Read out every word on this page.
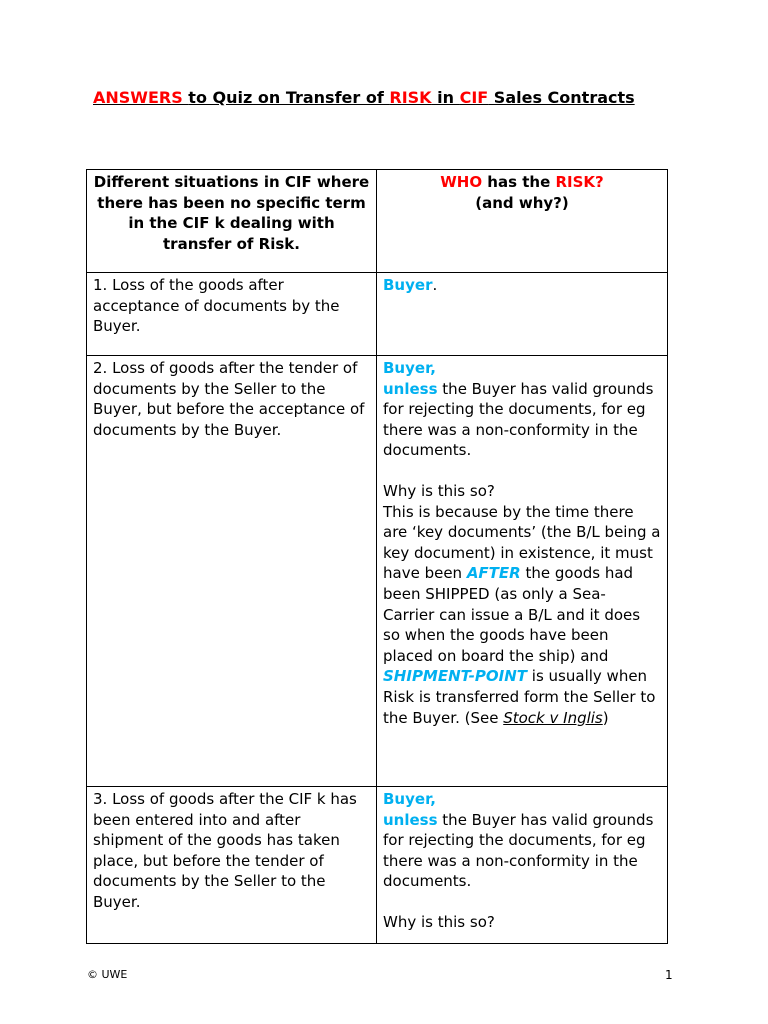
ANSWERS to Quiz on Transfer of RISK in CIF Sales Contracts
Different situations in CIF where there has been no specific term in the CIF k dealing with transfer of Risk.	WHO has the RISK?
(and why?)
1. Loss of the goods after acceptance of documents by the Buyer.	Buyer.
2. Loss of goods after the tender of documents by the Seller to the Buyer, but before the acceptance of documents by the Buyer.	Buyer,
unless the Buyer has valid grounds for rejecting the documents, for eg there was a non-conformity in the documents.
Why is this so?
This is because by the time there are ‘key documents’ (the B/L being a key document) in existence, it must have been AFTER the goods had been SHIPPED (as only a Sea- Carrier can issue a B/L and it does so when the goods have been placed on board the ship) and SHIPMENT-POINT is usually when Risk is transferred form the Seller to the Buyer. (See Stock v Inglis)
3. Loss of goods after the CIF k has been entered into and after shipment of the goods has taken place, but before the tender of documents by the Seller to the Buyer.	Buyer,
unless the Buyer has valid grounds for rejecting the documents, for eg there was a non-conformity in the documents.
Why is this so?
© UWE	1
